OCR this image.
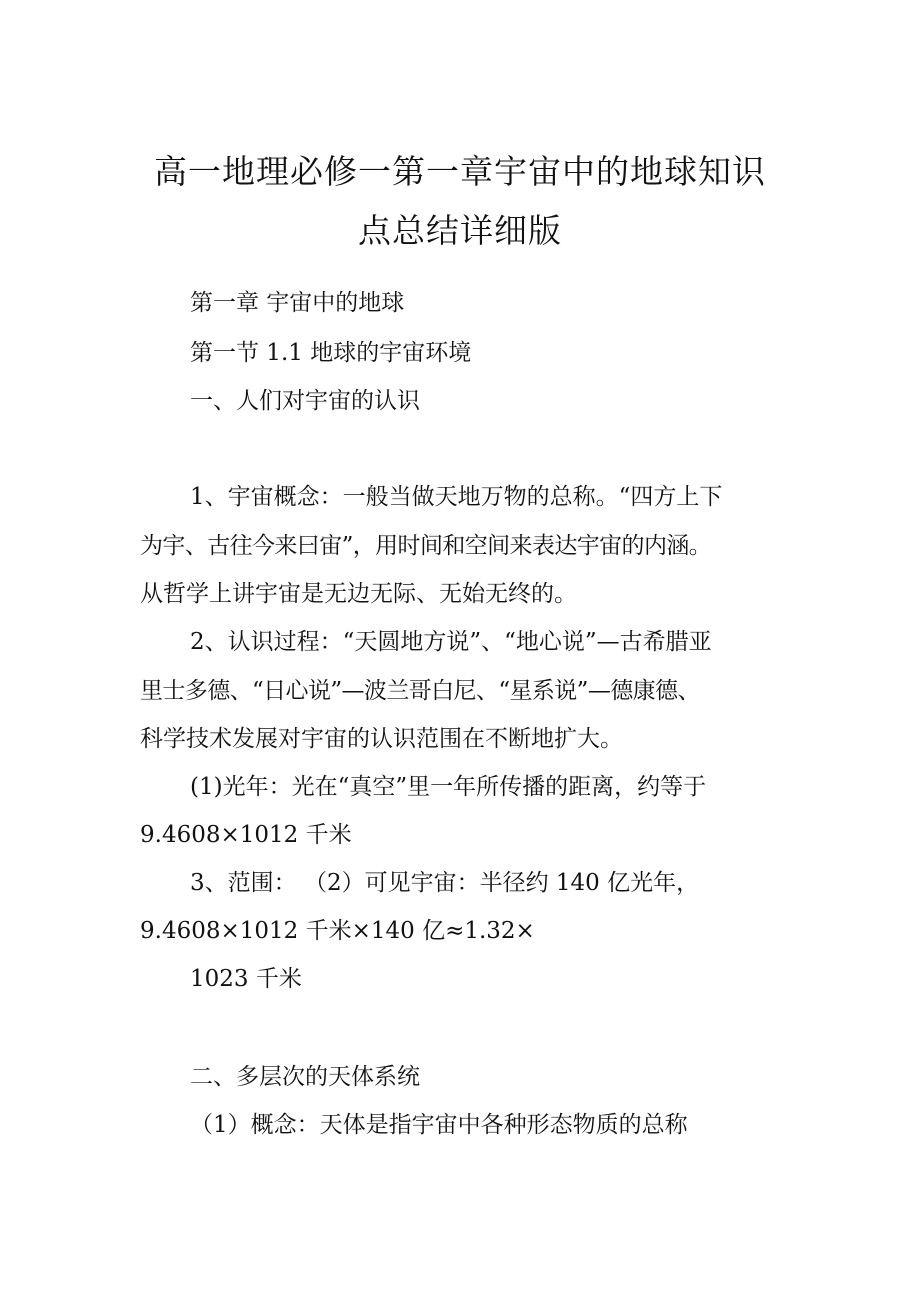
高一地理必修一第一章宇宙中的地球知识
点总结详细版
第一章 宇宙中的地球
第一节 1.1 地球的宇宙环境
一、人们对宇宙的认识
1、宇宙概念：一般当做天地万物的总称。“四方上下
为宇、古往今来曰宙”，用时间和空间来表达宇宙的内涵。
从哲学上讲宇宙是无边无际、无始无终的。
2、认识过程：“天圆地方说”、“地心说”—古希腊亚
里士多德、“日心说”—波兰哥白尼、“星系说”—德康德、
科学技术发展对宇宙的认识范围在不断地扩大。
(1)光年：光在“真空”里一年所传播的距离，约等于
9.4608×1012 千米
3、范围： （2）可见宇宙：半径约 140 亿光年，
9.4608×1012 千米×140 亿≈1.32×
1023 千米
二、多层次的天体系统
（1）概念：天体是指宇宙中各种形态物质的总称
